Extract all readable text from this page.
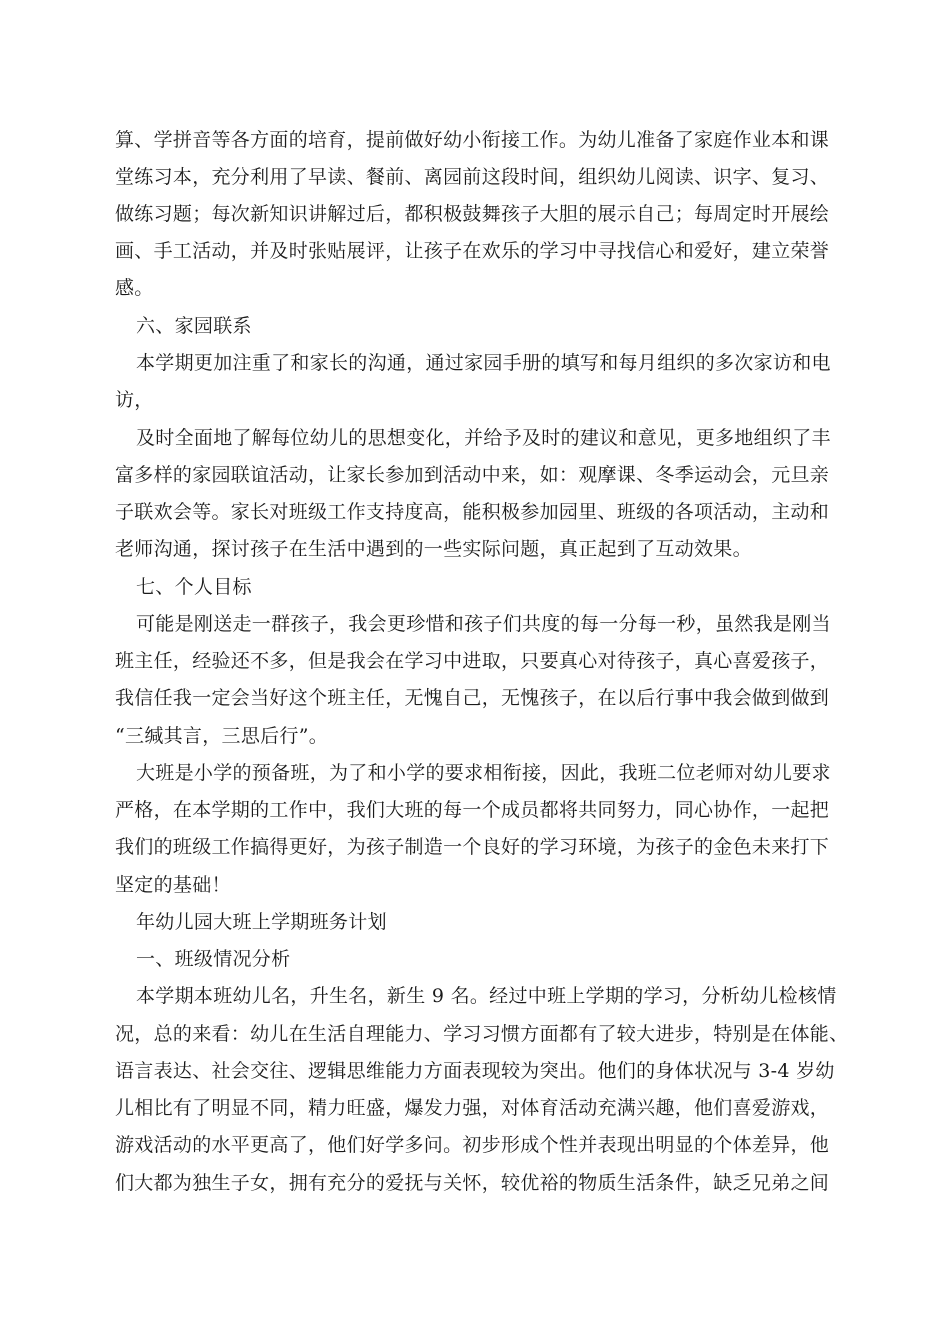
算、学拼音等各方面的培育，提前做好幼小衔接工作。为幼儿准备了家庭作业本和课
堂练习本，充分利用了早读、餐前、离园前这段时间，组织幼儿阅读、识字、复习、
做练习题；每次新知识讲解过后，都积极鼓舞孩子大胆的展示自己；每周定时开展绘
画、手工活动，并及时张贴展评，让孩子在欢乐的学习中寻找信心和爱好，建立荣誉
感。
六、家园联系
本学期更加注重了和家长的沟通，通过家园手册的填写和每月组织的多次家访和电
访，
及时全面地了解每位幼儿的思想变化，并给予及时的建议和意见，更多地组织了丰
富多样的家园联谊活动，让家长参加到活动中来，如：观摩课、冬季运动会，元旦亲
子联欢会等。家长对班级工作支持度高，能积极参加园里、班级的各项活动，主动和
老师沟通，探讨孩子在生活中遇到的一些实际问题，真正起到了互动效果。
七、个人目标
可能是刚送走一群孩子，我会更珍惜和孩子们共度的每一分每一秒，虽然我是刚当
班主任，经验还不多，但是我会在学习中进取，只要真心对待孩子，真心喜爱孩子，
我信任我一定会当好这个班主任，无愧自己，无愧孩子，在以后行事中我会做到做到
“三缄其言，三思后行”。
大班是小学的预备班，为了和小学的要求相衔接，因此，我班二位老师对幼儿要求
严格，在本学期的工作中，我们大班的每一个成员都将共同努力，同心协作，一起把
我们的班级工作搞得更好，为孩子制造一个良好的学习环境，为孩子的金色未来打下
坚定的基础！
年幼儿园大班上学期班务计划
一、班级情况分析
本学期本班幼儿名，升生名，新生 9 名。经过中班上学期的学习，分析幼儿检核情
况，总的来看：幼儿在生活自理能力、学习习惯方面都有了较大进步，特别是在体能、
语言表达、社会交往、逻辑思维能力方面表现较为突出。他们的身体状况与 3-4 岁幼
儿相比有了明显不同，精力旺盛，爆发力强，对体育活动充满兴趣，他们喜爱游戏，
游戏活动的水平更高了，他们好学多问。初步形成个性并表现出明显的个体差异，他
们大都为独生子女，拥有充分的爱抚与关怀，较优裕的物质生活条件，缺乏兄弟之间
